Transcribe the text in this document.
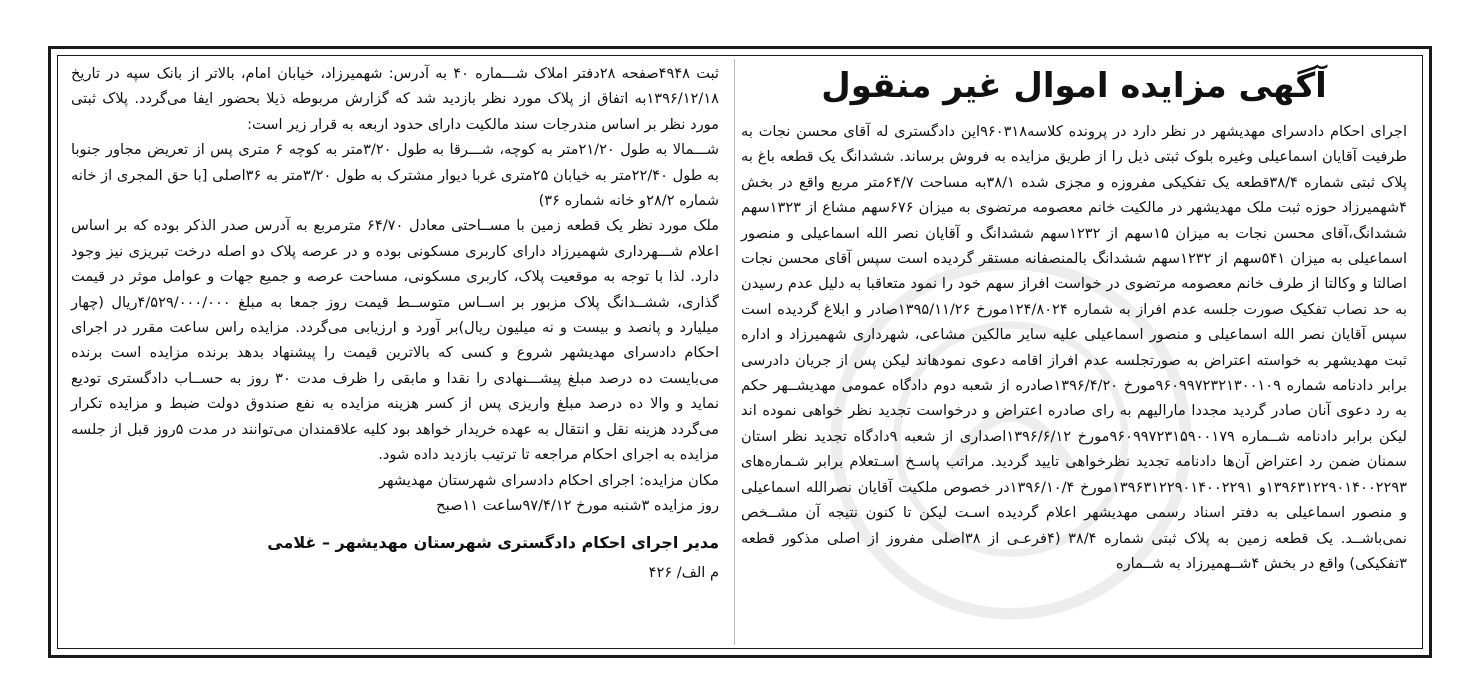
آگهی مزایده اموال غیر منقول

اجرای احکام دادسرای مهدیشهر در نظر دارد در پرونده کلاسه۹۶۰۳۱۸این دادگستری له آقای محسن نجات به طرفیت آقایان اسماعیلی وغیره بلوک ثبتی ذیل را از طریق مزایده به فروش برساند. ششدانگ یک قطعه باغ به پلاک ثبتی شماره ۳۸/۴قطعه یک تفکیکی مفروزه و مجزی شده ۳۸/۱به مساحت ۶۴/۷متر مربع واقع در بخش ۴شهمیرزاد حوزه ثبت ملک مهدیشهر در مالکیت خانم معصومه مرتضوی به میزان ۶۷۶سهم مشاع از ۱۳۲۳سهم ششدانگ،آقای محسن نجات به میزان ۱۵سهم از ۱۲۳۲سهم ششدانگ و آقایان نصر الله اسماعیلی و منصور اسماعیلی به میزان ۵۴۱سهم از ۱۲۳۲سهم ششدانگ بالمنصفانه مستقر گردیده است سپس آقای محسن نجات اصالتا و وکالتا از طرف خانم معصومه مرتضوی در خواست افراز سهم خود را نمود متعاقبا به دلیل عدم رسیدن به حد نصاب تفکیک صورت جلسه عدم افراز به شماره ۱۲۴/۸۰۲۴مورخ ۱۳۹۵/۱۱/۲۶صادر و ابلاغ گردیده است سپس آقایان نصر الله اسماعیلی و منصور اسماعیلی علیه سایر مالکین مشاعی، شهرداری شهمیرزاد و اداره ثبت مهدیشهر به خواسته اعتراض به صورتجلسه عدم افراز اقامه دعوی نمودهاند لیکن پس از جریان دادرسی برابر دادنامه شماره ۹۶۰۹۹۷۲۳۲۱۳۰۰۱۰۹مورخ ۱۳۹۶/۴/۲۰صادره از شعبه دوم دادگاه عمومی مهدیشــهر حکم به رد دعوی آنان صادر گردید مجددا مارالیهم به رای صادره اعتراض و درخواست تجدید نظر خواهی نموده اند لیکن برابر دادنامه شــماره ۹۶۰۹۹۷۲۳۱۵۹۰۰۱۷۹مورخ ۱۳۹۶/۶/۱۲اصداری از شعبه ۹دادگاه تجدید نظر استان سمنان ضمن رد اعتراض آن‌ها دادنامه تجدید نظرخواهی تایید گردید. مراتب پاسـخ اسـتعلام برابر شـماره‌های ۱۳۹۶۳۱۲۲۹۰۱۴۰۰۲۲۹۳و ۱۳۹۶۳۱۲۲۹۰۱۴۰۰۲۲۹۱مورخ ۱۳۹۶/۱۰/۴در خصوص ملکیت آقایان نصرالله اسماعیلی و منصور اسماعیلی به دفتر اسناد رسمی مهدیشهر اعلام گردیده اسـت لیکن تا کنون نتیجه آن مشــخص نمی‌باشــد. یک قطعه زمین به پلاک ثبتی شماره ۳۸/۴ (۴فرعـی از ۳۸اصلی مفروز از اصلی مذکور قطعه ۳تفکیکی) واقع در بخش ۴شــهمیرزاد به شــماره

ثبت ۴۹۴۸صفحه ۲۸دفتر املاک شـــماره ۴۰ به آدرس: شهمیرزاد، خیابان امام، بالاتر از بانک سپه در تاریخ ۱۳۹۶/۱۲/۱۸به اتفاق از پلاک مورد نظر بازدید شد که گزارش مربوطه ذیلا بحضور ایفا می‌گردد. پلاک ثبتی مورد نظر بر اساس مندرجات سند مالکیت دارای حدود اربعه به قرار زیر است:

شـــمالا به طول ۲۱/۲۰متر به کوچه، شـــرقا به طول ۳/۲۰متر به کوچه ۶ متری پس از تعریض مجاور جنوبا به طول ۲۲/۴۰متر به خیابان ۲۵متری غربا دیوار مشترک به طول ۳/۲۰متر به ۳۶اصلی [با حق المجری از خانه شماره ۲۸/۲و خانه شماره ۳۶)

ملک مورد نظر یک قطعه زمین با مســاحتی معادل ۶۴/۷۰ مترمربع به آدرس صدر الذکر بوده که بر اساس اعلام شـــهرداری شهمیرزاد دارای کاربری مسکونی بوده و در عرصه پلاک دو اصله درخت تبریزی نیز وجود دارد. لذا با توجه به موقعیت پلاک، کاربری مسکونی، مساحت عرصه و جمیع جهات و عوامل موثر در قیمت گذاری، ششــدانگ پلاک مزبور بر اســاس متوســط قیمت روز جمعا به مبلغ ۴/۵۲۹/۰۰۰/۰۰۰ریال (چهار میلیارد و پانصد و بیست و نه میلیون ریال)بر آورد و ارزیابی می‌گردد. مزایده راس ساعت مقرر در اجرای احکام دادسرای مهدیشهر شروع و کسی که بالاترین قیمت را پیشنهاد بدهد برنده مزایده است برنده می‌بایست ده درصد مبلغ پیشـــنهادی را نقدا و مابقی را ظرف مدت ۳۰ روز به حســاب دادگستری تودیع نماید و والا ده درصد مبلغ واریزی پس از کسر هزینه مزایده به نفع صندوق دولت ضبط و مزایده تکرار می‌گردد هزینه نقل و انتقال به عهده خریدار خواهد بود کلیه علاقمندان می‌توانند در مدت ۵روز قبل از جلسه مزایده به اجرای احکام مراجعه تا ترتیب بازدید داده شود.

مکان مزایده: اجرای احکام دادسرای شهرستان مهدیشهر

روز مزایده ۳شنبه مورخ ۹۷/۴/۱۲ساعت ۱۱صبح

مدیر اجرای احکام دادگستری شهرستان مهدیشهر – غلامی
م الف/ ۴۲۶
